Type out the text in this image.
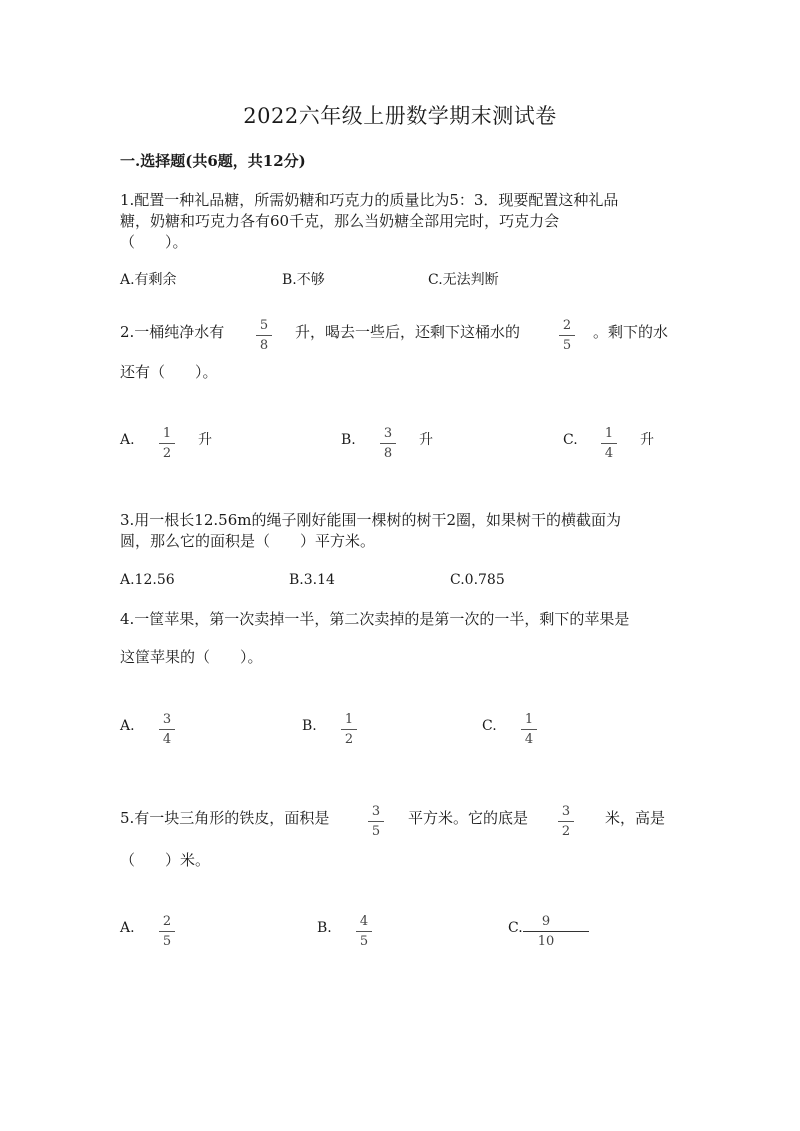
2022六年级上册数学期末测试卷
一.选择题(共6题，共12分)
1.配置一种礼品糖，所需奶糖和巧克力的质量比为5：3．现要配置这种礼品
糖，奶糖和巧克力各有60千克，那么当奶糖全部用完时，巧克力会
（　　）。
A.有剩余	B.不够	C.无法判断
2.一桶纯净水有	5
8
升，喝去一些后，还剩下这桶水的	2
5
。剩下的水
还有（　　）。
A.	1
2
升	B.	3
8
升	C.	1
4
升
3.用一根长12.56m的绳子刚好能围一棵树的树干2圈，如果树干的横截面为
圆，那么它的面积是（　　）平方米。
A.12.56	B.3.14	C.0.785
4.一筐苹果，第一次卖掉一半，第二次卖掉的是第一次的一半，剩下的苹果是
这筐苹果的（　　）。
A.	3
4
B.	1
2
C.	1
4
5.有一块三角形的铁皮，面积是	3
5
平方米。它的底是	3
2
米，高是
（　　）米。
A.	2
5
B.	4
5
C.	9
10
